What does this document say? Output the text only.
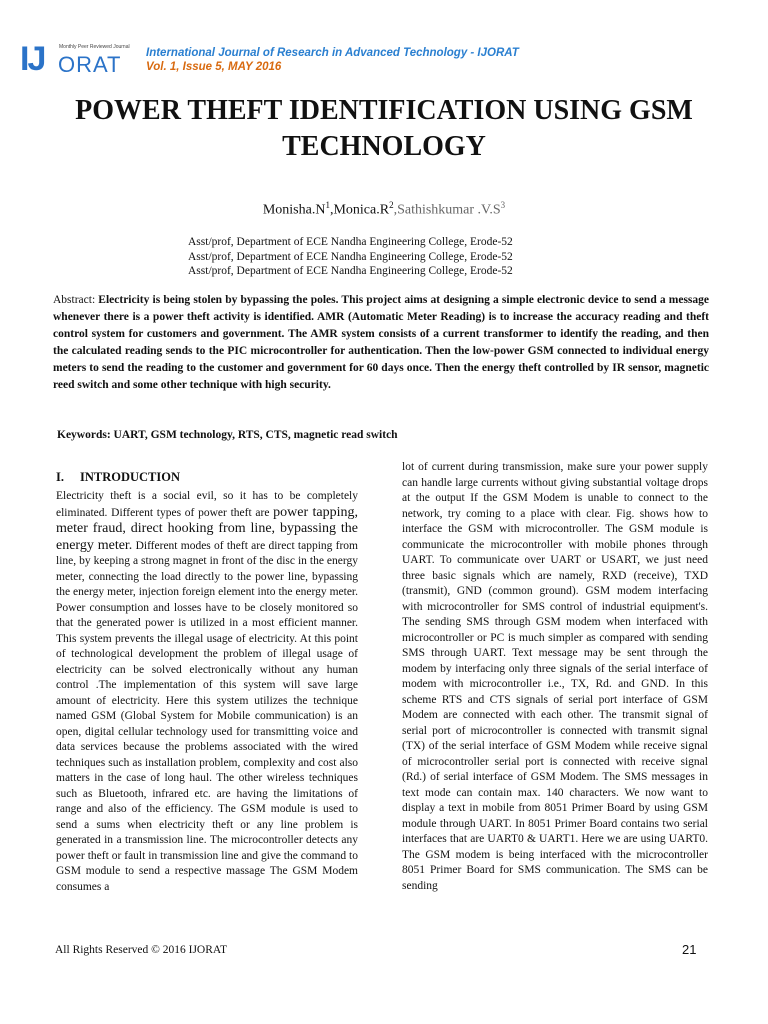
IJ	Monthly Peer Reviewed Journal
ORAT International Journal of Research in Advanced Technology - IJORAT
Vol. 1, Issue 5, MAY 2016
POWER THEFT IDENTIFICATION USING GSM TECHNOLOGY
$Monisha.N^1,Monica.R^2,Sathishkumar$ $.V.S^3$
Asst/prof, Department of ECE Nandha Engineering College, Erode-52
Asst/prof, Department of ECE Nandha Engineering College, Erode-52
Asst/prof, Department of ECE Nandha Engineering College, Erode-52
Abstract: Electricity is being stolen by bypassing the poles. This project aims at designing a simple electronic device to send a message whenever there is a power theft activity is identified. AMR (Automatic Meter Reading) is to increase the accuracy reading and theft control system for customers and government. The AMR system consists of a current transformer to identify the reading, and then the calculated reading sends to the PIC microcontroller for authentication. Then the low-power GSM connected to individual energy meters to send the reading to the customer and government for 60 days once. Then the energy theft controlled by IR sensor, magnetic reed switch and some other technique with high security.
Keywords: UART, GSM technology, RTS, CTS, magnetic read switch
I. INTRODUCTION
Electricity theft is a social evil, so it has to be completely eliminated. Different types of power theft are power tapping, meter fraud, direct hooking from line, bypassing the energy meter. Different modes of theft are direct tapping from line, by keeping a strong magnet in front of the disc in the energy meter, connecting the load directly to the power line, bypassing the energy meter, injection foreign element into the energy meter. Power consumption and losses have to be closely monitored so that the generated power is utilized in a most efficient manner. This system prevents the illegal usage of electricity. At this point of technological development the problem of illegal usage of electricity can be solved electronically without any human control .The implementation of this system will save large amount of electricity. Here this system utilizes the technique named GSM (Global System for Mobile communication) is an open, digital cellular technology used for transmitting voice and data services because the problems associated with the wired techniques such as installation problem, complexity and cost also matters in the case of long haul. The other wireless techniques such as Bluetooth, infrared etc. are having the limitations of range and also of the efficiency. The GSM module is used to send a sums when electricity theft or any line problem is generated in a transmission line. The microcontroller detects any power theft or fault in transmission line and give the command to GSM module to send a respective massage The GSM Modem consumes a
lot of current during transmission, make sure your power supply can handle large currents without giving substantial voltage drops at the output If the GSM Modem is unable to connect to the network, try coming to a place with clear. Fig. shows how to interface the GSM with microcontroller. The GSM module is communicate the microcontroller with mobile phones through UART. To communicate over UART or USART, we just need three basic signals which are namely, RXD (receive), TXD (transmit), GND (common ground). GSM modem interfacing with microcontroller for SMS control of industrial equipment's. The sending SMS through GSM modem when interfaced with microcontroller or PC is much simpler as compared with sending SMS through UART. Text message may be sent through the modem by interfacing only three signals of the serial interface of modem with microcontroller i.e., TX, Rd. and GND. In this scheme RTS and CTS signals of serial port interface of GSM Modem are connected with each other. The transmit signal of serial port of microcontroller is connected with transmit signal (TX) of the serial interface of GSM Modem while receive signal of microcontroller serial port is connected with receive signal (Rd.) of serial interface of GSM Modem. The SMS messages in text mode can contain max. 140 characters. We now want to display a text in mobile from 8051 Primer Board by using GSM module through UART. In 8051 Primer Board contains two serial interfaces that are UART0 & UART1. Here we are using UART0. The GSM modem is being interfaced with the microcontroller 8051 Primer Board for SMS communication. The SMS can be sending
All Rights Reserved © 2016 IJORAT	21
